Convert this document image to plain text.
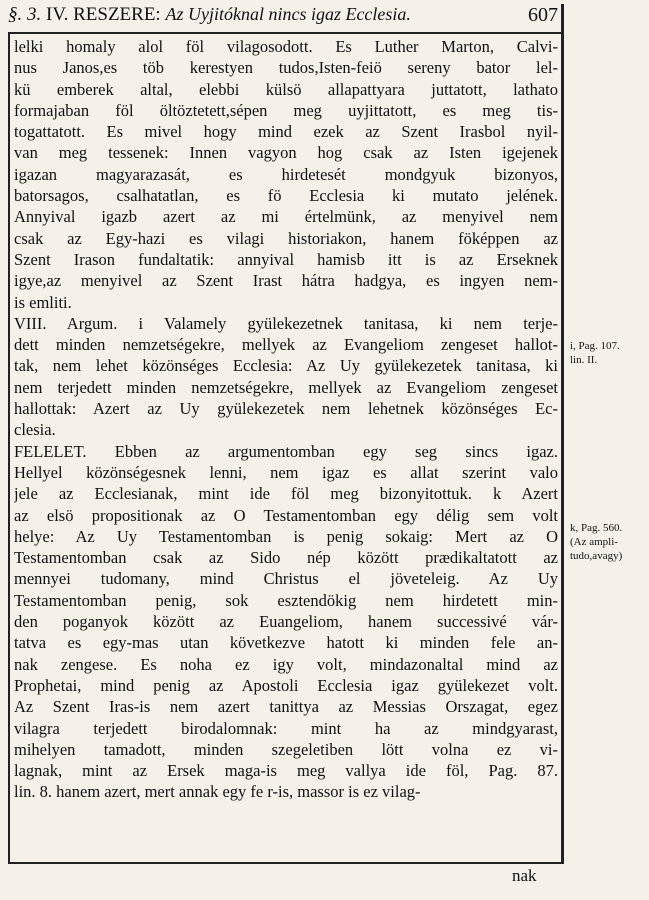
§. 3. IV. RESZERE: Az Uyjitóknal nincs igaz Ecclesia.	607
lelki homaly alol föl vilagosodott. Es Luther Marton, Calvi-
nus Janos,es töb kerestyen tudos,Isten-feiö sereny bator lel-
kü emberek altal, elebbi külsö allapattyara juttatott, lathato
formajaban föl öltöztetett,sépen meg uyjittatott, es meg tis-
togattatott. Es mivel hogy mind ezek az Szent Irasbol nyil-
van meg tessenek: Innen vagyon hog csak az Isten igejenek
igazan magyarazasát, es hirdetesét mondgyuk bizonyos,
batorsagos, csalhatatlan, es fö Ecclesia ki mutato jelének.
Annyival igazb azert az mi értelmünk, az menyivel nem
csak az Egy-hazi es vilagi historiakon, hanem föképpen az
Szent Irason fundaltatik: annyival hamisb itt is az Erseknek
igye,az menyivel az Szent Irast hátra hadgya, es ingyen nem-
is emliti.
VIII. Argum. i Valamely gyülekezetnek tanitasa, ki nem terje-
dett minden nemzetségekre, mellyek az Evangeliom zengeset hallot-
tak, nem lehet közönséges Ecclesia: Az Uy gyülekezetek tanitasa, ki
nem terjedett minden nemzetségekre, mellyek az Evangeliom zengeset
hallottak: Azert az Uy gyülekezetek nem lehetnek közönséges Ec-
clesia.
FELELET. Ebben az argumentomban egy seg sincs igaz.
Hellyel közönségesnek lenni, nem igaz es allat szerint valo
jele az Ecclesianak, mint ide föl meg bizonyitottuk. k Azert
az elsö propositionak az O Testamentomban egy délig sem volt
helye: Az Uy Testamentomban is penig sokaig: Mert az O
Testamentomban csak az Sido nép között prædikaltatott az
mennyei tudomany, mind Christus el jöveteleig. Az Uy
Testamentomban penig, sok esztendökig nem hirdetett min-
den poganyok között az Euangeliom, hanem successivé vár-
tatva es egy-mas utan következve hatott ki minden fele an-
nak zengese. Es noha ez igy volt, mindazonaltal mind az
Prophetai, mind penig az Apostoli Ecclesia igaz gyülekezet volt.
Az Szent Iras-is nem azert tanittya az Messias Orszagat, egez
vilagra terjedett birodalomnak: mint ha az mindgyarast,
mihelyen tamadott, minden szegeletiben lött volna ez vi-
lagnak, mint az Ersek maga-is meg vallya ide föl, Pag. 87.
lin. 8. hanem azert, mert annak egy fe r-is, massor is ez vilag-
i, Pag. 107.
lin. II.
k, Pag. 560.
(Az ampli-
tudo,avagy)
nak
